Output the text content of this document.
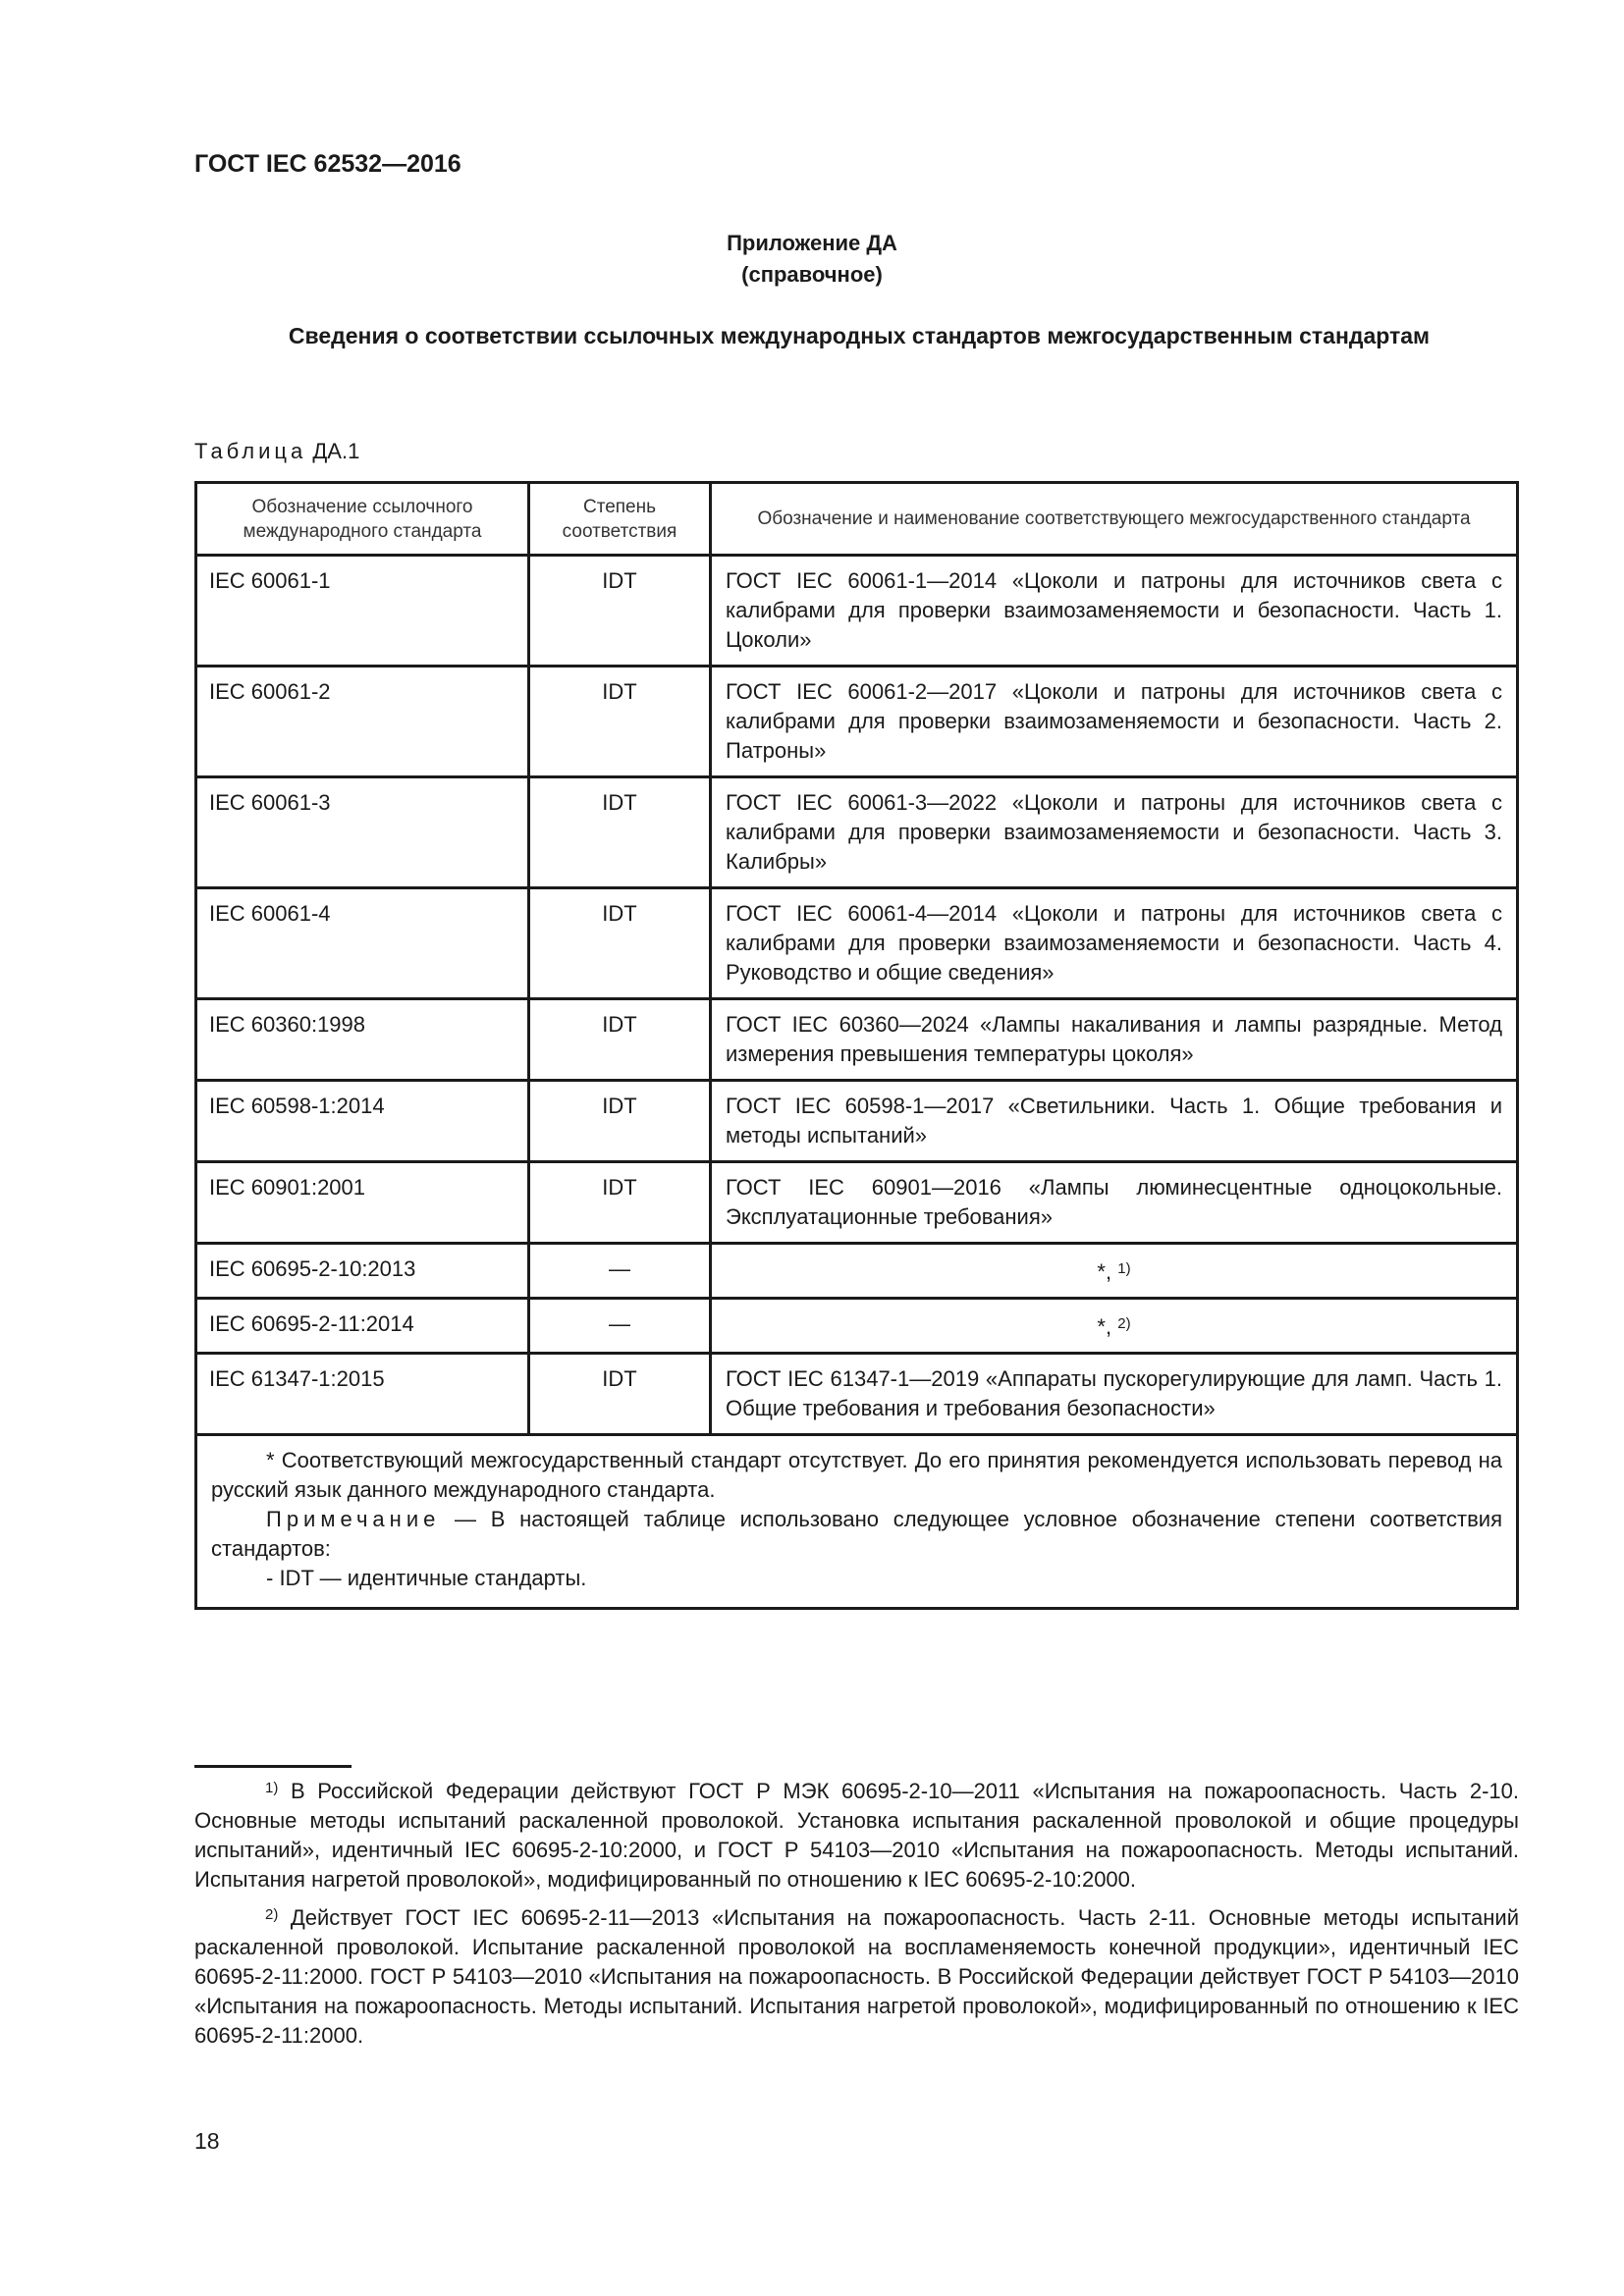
ГОСТ IEC 62532—2016
Приложение ДА
(справочное)
Сведения о соответствии ссылочных международных стандартов межгосударственным стандартам
Таблица ДА.1
Обозначение ссылочного международного стандарта	Степень соответствия	Обозначение и наименование соответствующего межгосударственного стандарта
IEC 60061-1	IDT	ГОСТ IEC 60061-1—2014 «Цоколи и патроны для источников света с калибрами для проверки взаимозаменяемости и безопасности. Часть 1. Цоколи»
IEC 60061-2	IDT	ГОСТ IEC 60061-2—2017 «Цоколи и патроны для источников света с калибрами для проверки взаимозаменяемости и безопасности. Часть 2. Патроны»
IEC 60061-3	IDT	ГОСТ IEC 60061-3—2022 «Цоколи и патроны для источников света с калибрами для проверки взаимозаменяемости и безопасности. Часть 3. Калибры»
IEC 60061-4	IDT	ГОСТ IEC 60061-4—2014 «Цоколи и патроны для источников света с калибрами для проверки взаимозаменяемости и безопасности. Часть 4. Руководство и общие сведения»
IEC 60360:1998	IDT	ГОСТ IEC 60360—2024 «Лампы накаливания и лампы разрядные. Метод измерения превышения температуры цоколя»
IEC 60598-1:2014	IDT	ГОСТ IEC 60598-1—2017 «Светильники. Часть 1. Общие требования и методы испытаний»
IEC 60901:2001	IDT	ГОСТ IEC 60901—2016 «Лампы люминесцентные одноцокольные. Эксплуатационные требования»
IEC 60695-2-10:2013	—	*, $^{1)}$
IEC 60695-2-11:2014	—	*, $^{2)}$
IEC 61347-1:2015	IDT	ГОСТ IEC 61347-1—2019 «Аппараты пускорегулирующие для ламп. Часть 1. Общие требования и требования безопасности»

* Соответствующий межгосударственный стандарт отсутствует. До его принятия рекомендуется использовать перевод на русский язык данного международного стандарта.
Примечание — В настоящей таблице использовано следующее условное обозначение степени соответствия стандартов:
- IDT — идентичные стандарты.		

$^{1)}$ В Российской Федерации действуют ГОСТ Р МЭК 60695-2-10—2011 «Испытания на пожароопасность. Часть 2-10. Основные методы испытаний раскаленной проволокой. Установка испытания раскаленной проволокой и общие процедуры испытаний», идентичный IEC 60695-2-10:2000, и ГОСТ Р 54103—2010 «Испытания на пожароопасность. Методы испытаний. Испытания нагретой проволокой», модифицированный по отношению к IEC 60695-2-10:2000.

$^{2)}$ Действует ГОСТ IEC 60695-2-11—2013 «Испытания на пожароопасность. Часть 2-11. Основные методы испытаний раскаленной проволокой. Испытание раскаленной проволокой на воспламеняемость конечной продукции», идентичный IEC 60695-2-11:2000. ГОСТ Р 54103—2010 «Испытания на пожароопасность. В Российской Федерации действует ГОСТ Р 54103—2010 «Испытания на пожароопасность. Методы испытаний. Испытания нагретой проволокой», модифицированный по отношению к IEC 60695-2-11:2000.

18
